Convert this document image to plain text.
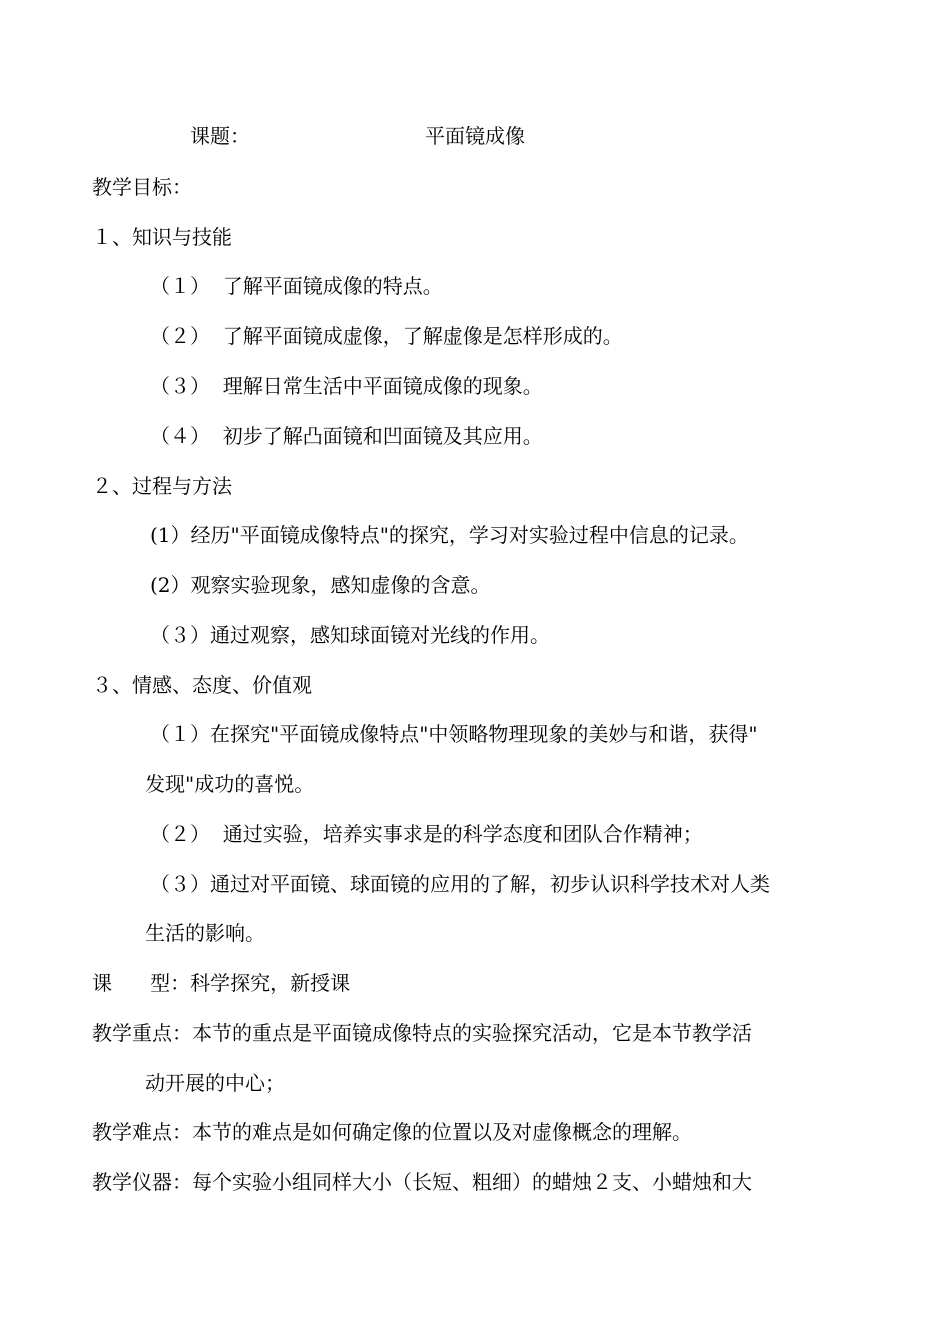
课题：	平面镜成像
教学目标：
１、知识与技能
（１）  了解平面镜成像的特点。
（２）  了解平面镜成虚像，了解虚像是怎样形成的。
（３）  理解日常生活中平面镜成像的现象。
（４）  初步了解凸面镜和凹面镜及其应用。
２、过程与方法
(1）经历"平面镜成像特点"的探究，学习对实验过程中信息的记录。
(2）观察实验现象，感知虚像的含意。
（３）通过观察，感知球面镜对光线的作用。
３、情感、态度、价值观
（１）在探究"平面镜成像特点"中领略物理现象的美妙与和谐，获得"
发现"成功的喜悦。
（２）  通过实验，培养实事求是的科学态度和团队合作精神；
（３）通过对平面镜、球面镜的应用的了解，初步认识科学技术对人类
生活的影响。
课      型：科学探究，新授课
教学重点：本节的重点是平面镜成像特点的实验探究活动，它是本节教学活
动开展的中心；
教学难点：本节的难点是如何确定像的位置以及对虚像概念的理解。
教学仪器：每个实验小组同样大小（长短、粗细）的蜡烛２支、小蜡烛和大
